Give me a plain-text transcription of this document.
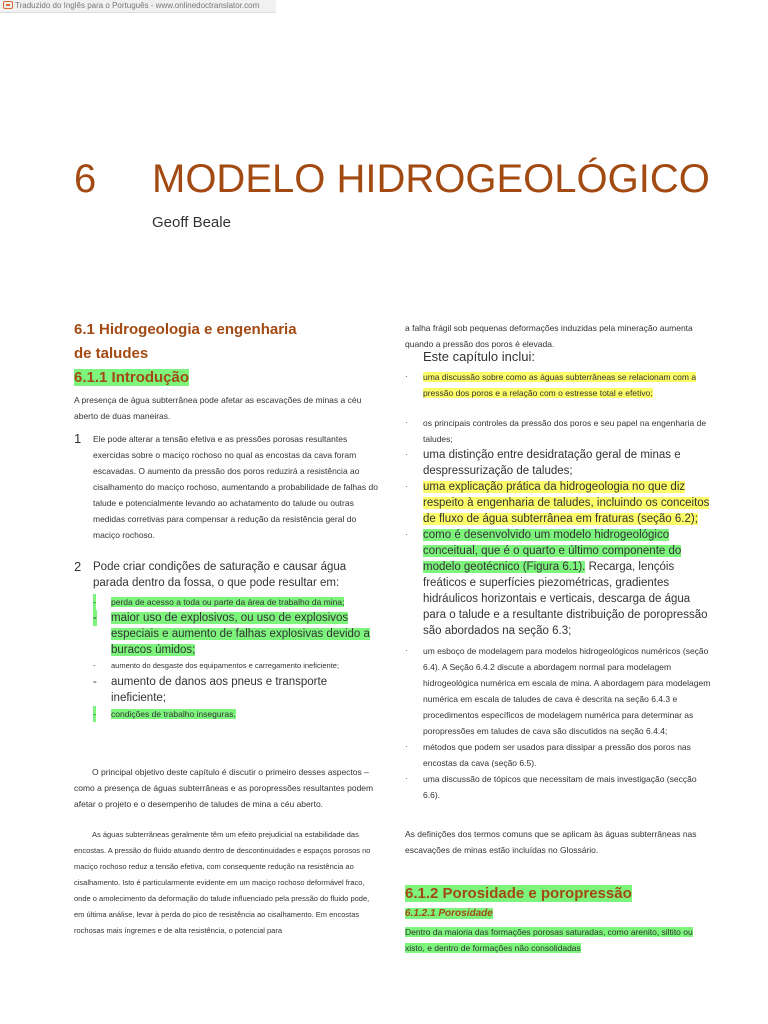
Traduzido do Inglês para o Português - www.onlinedoctranslator.com
6 MODELO HIDROGEOLÓGICO
Geoff Beale
6.1 Hidrogeologia e engenharia
de taludes
6.1.1 Introdução
A presença de água subterrânea pode afetar as escavações de minas a céu aberto de duas maneiras.
1 Ele pode alterar a tensão efetiva e as pressões porosas resultantes exercidas sobre o maciço rochoso no qual as encostas da cava foram escavadas. O aumento da pressão dos poros reduzirá a resistência ao cisalhamento do maciço rochoso, aumentando a probabilidade de falhas do talude e potencialmente levando ao achatamento do talude ou outras medidas corretivas para compensar a redução da resistência geral do maciço rochoso.
2 Pode criar condições de saturação e causar água parada dentro da fossa, o que pode resultar em:
- perda de acesso a toda ou parte da área de trabalho da mina;
- maior uso de explosivos, ou uso de explosivos especiais e aumento de falhas explosivas devido a buracos úmidos;
- aumento do desgaste dos equipamentos e carregamento ineficiente;
- aumento de danos aos pneus e transporte ineficiente;
- condições de trabalho inseguras.
O principal objetivo deste capítulo é discutir o primeiro desses aspectos – como a presença de águas subterrâneas e as poropressões resultantes podem afetar o projeto e o desempenho de taludes de mina a céu aberto.
As águas subterrâneas geralmente têm um efeito prejudicial na estabilidade das encostas. A pressão do fluido atuando dentro de descontinuidades e espaços porosos no maciço rochoso reduz a tensão efetiva, com consequente redução na resistência ao cisalhamento. Isto é particularmente evidente em um maciço rochoso deformável fraco, onde o amolecimento da deformação do talude influenciado pela pressão do fluido pode, em última análise, levar à perda do pico de resistência ao cisalhamento. Em encostas rochosas mais íngremes e de alta resistência, o potencial para
a falha frágil sob pequenas deformações induzidas pela mineração aumenta quando a pressão dos poros é elevada.
Este capítulo inclui:
· uma discussão sobre como as águas subterrâneas se relacionam com a pressão dos poros e a relação com o estresse total e efetivo;
· os principais controles da pressão dos poros e seu papel na engenharia de taludes;
· uma distinção entre desidratação geral de minas e despressurização de taludes;
· uma explicação prática da hidrogeologia no que diz respeito à engenharia de taludes, incluindo os conceitos de fluxo de água subterrânea em fraturas (seção 6.2);
· como é desenvolvido um modelo hidrogeológico conceitual, que é o quarto e último componente do modelo geotécnico (Figura 6.1). Recarga, lençóis freáticos e superfícies piezométricas, gradientes hidráulicos horizontais e verticais, descarga de água para o talude e a resultante distribuição de poropressão são abordados na seção 6.3;
· um esboço de modelagem para modelos hidrogeológicos numéricos (seção 6.4). A Seção 6.4.2 discute a abordagem normal para modelagem hidrogeológica numérica em escala de mina. A abordagem para modelagem numérica em escala de taludes de cava é descrita na seção 6.4.3 e procedimentos específicos de modelagem numérica para determinar as poropressões em taludes de cava são discutidos na seção 6.4.4;
· métodos que podem ser usados para dissipar a pressão dos poros nas encostas da cava (seção 6.5).
· uma discussão de tópicos que necessitam de mais investigação (secção 6.6).
As definições dos termos comuns que se aplicam às águas subterrâneas nas escavações de minas estão incluídas no Glossário.
6.1.2 Porosidade e poropressão
6.1.2.1 Porosidade
Dentro da maioria das formações porosas saturadas, como arenito, siltito ou xisto, e dentro de formações não consolidadas
